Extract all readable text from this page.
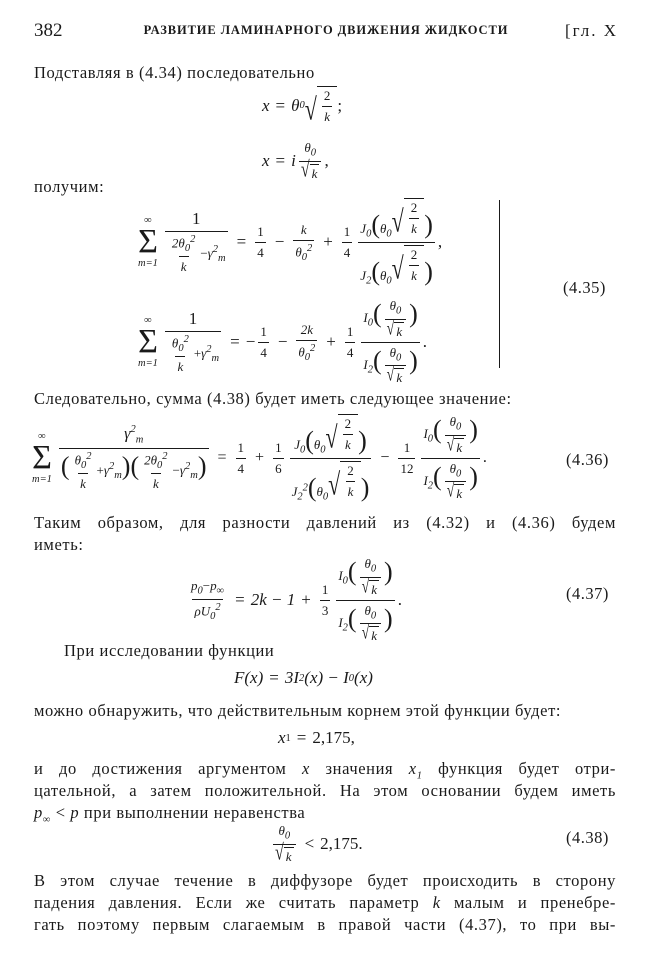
382	РАЗВИТИЕ ЛАМИНАРНОГО ДВИЖЕНИЯ ЖИДКОСТИ	[гл. X
Подставляя в (4.34) последовательно
x = θ 0 √ $\frac{2}{k}$ ;
x = i
$\theta_0$
√ k
,
получим:
∞
Σ
m=1
1
$\frac{2\theta_0^2}{k} -\gamma^2_m$
= $\frac{1}{4} - \frac{k}{\theta_0^2} + \frac{1}{4} J_0(\theta_0$ √ $\frac{2}{k}$ )
$J_2(\theta_0$ √ $\frac{2}{k}$ )
,
∞
Σ
m=1
1
$\frac{\theta_0^2}{k} +\gamma^2_m$
= − $\frac{1}{4} - \frac{2k}{\theta_0^2} + \frac{1}{4}$
$I_0( \frac{\theta_0}{√ k}$ )
$I_2( \frac{\theta_0}{√ k}$ )
.
(4.35)
Следовательно, сумма (4.38) будет иметь следующее значение:
∞
Σ
m=1
$\gamma^2_m$
( $\frac{\theta_0^2}{k} +\gamma^2_m)( \frac{2\theta_0^2}{k} -\gamma^2_m) = \frac{1}{4} + \frac{1}{6} J_0(\theta_0$ √ $\frac{2}{k}$ )
$J_2^2(\theta_0$ √ $\frac{2}{k}$ )
− $\frac{1}{12}$
$I_0( \frac{\theta_0}{√ k}$ )
$I_2( \frac{\theta_0}{√ k}$ )
.	(4.36)
Таким образом, для разности давлений из (4.32) и (4.36) будем
иметь:
$\frac{p_0-p_\infty}{\rho U_0^2} = 2k - 1 + \frac{1}{3}$
$I_0( \frac{\theta_0}{√ k}$ )
$I_2( \frac{\theta_0}{√ k}$ )
.	(4.37)
При исследовании функции
F(x) = 3I 2 (x) − I 0 (x)
можно обнаружить, что действительным корнем этой функции будет:
x 1 = 2,175,
и до достижения аргументом x значения $x_1$ функция будет отри-
цательной, а затем положительной. На этом основании будем иметь
$p_\infty < p$ при выполнении неравенства
$\theta_0$
√ k
< 2,175.	(4.38)
В этом случае течение в диффузоре будет происходить в сторону
падения давления. Если же считать параметр k малым и пренебре-
гать поэтому первым слагаемым в правой части (4.37), то при вы-
